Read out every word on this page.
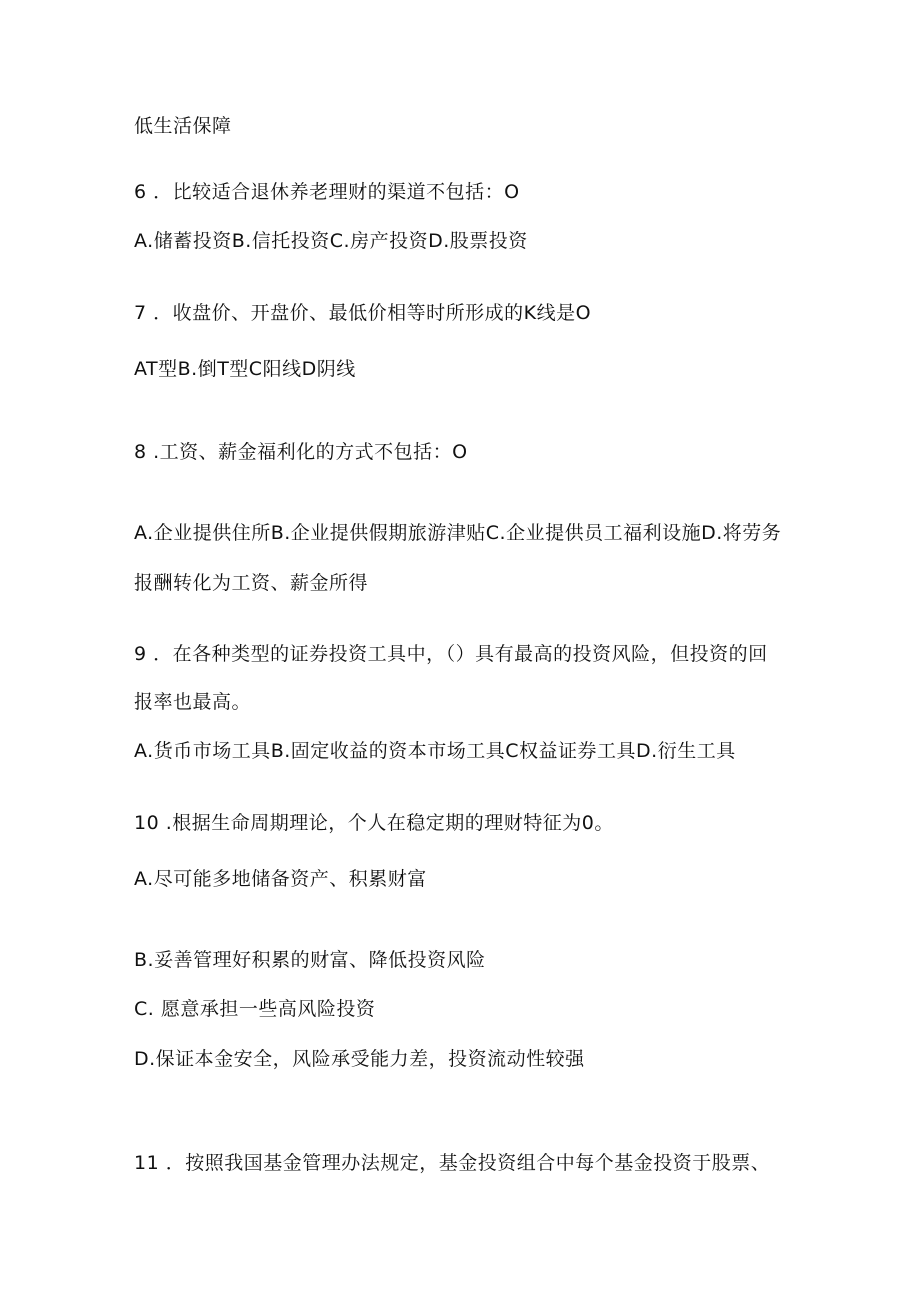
低生活保障
6 ．比较适合退休养老理财的渠道不包括：O
A.储蓄投资B.信托投资C.房产投资D.股票投资
7 ．收盘价、开盘价、最低价相等时所形成的K线是O
AT型B.倒T型C阳线D阴线
8 .工资、薪金福利化的方式不包括：O
A.企业提供住所B.企业提供假期旅游津贴C.企业提供员工福利设施D.将劳务
报酬转化为工资、薪金所得
9 ．在各种类型的证券投资工具中，（）具有最高的投资风险，但投资的回
报率也最高。
A.货币市场工具B.固定收益的资本市场工具C权益证券工具D.衍生工具
10 .根据生命周期理论，个人在稳定期的理财特征为0。
A.尽可能多地储备资产、积累财富
B.妥善管理好积累的财富、降低投资风险
C. 愿意承担一些高风险投资
D.保证本金安全，风险承受能力差，投资流动性较强
11 ．按照我国基金管理办法规定，基金投资组合中每个基金投资于股票、
